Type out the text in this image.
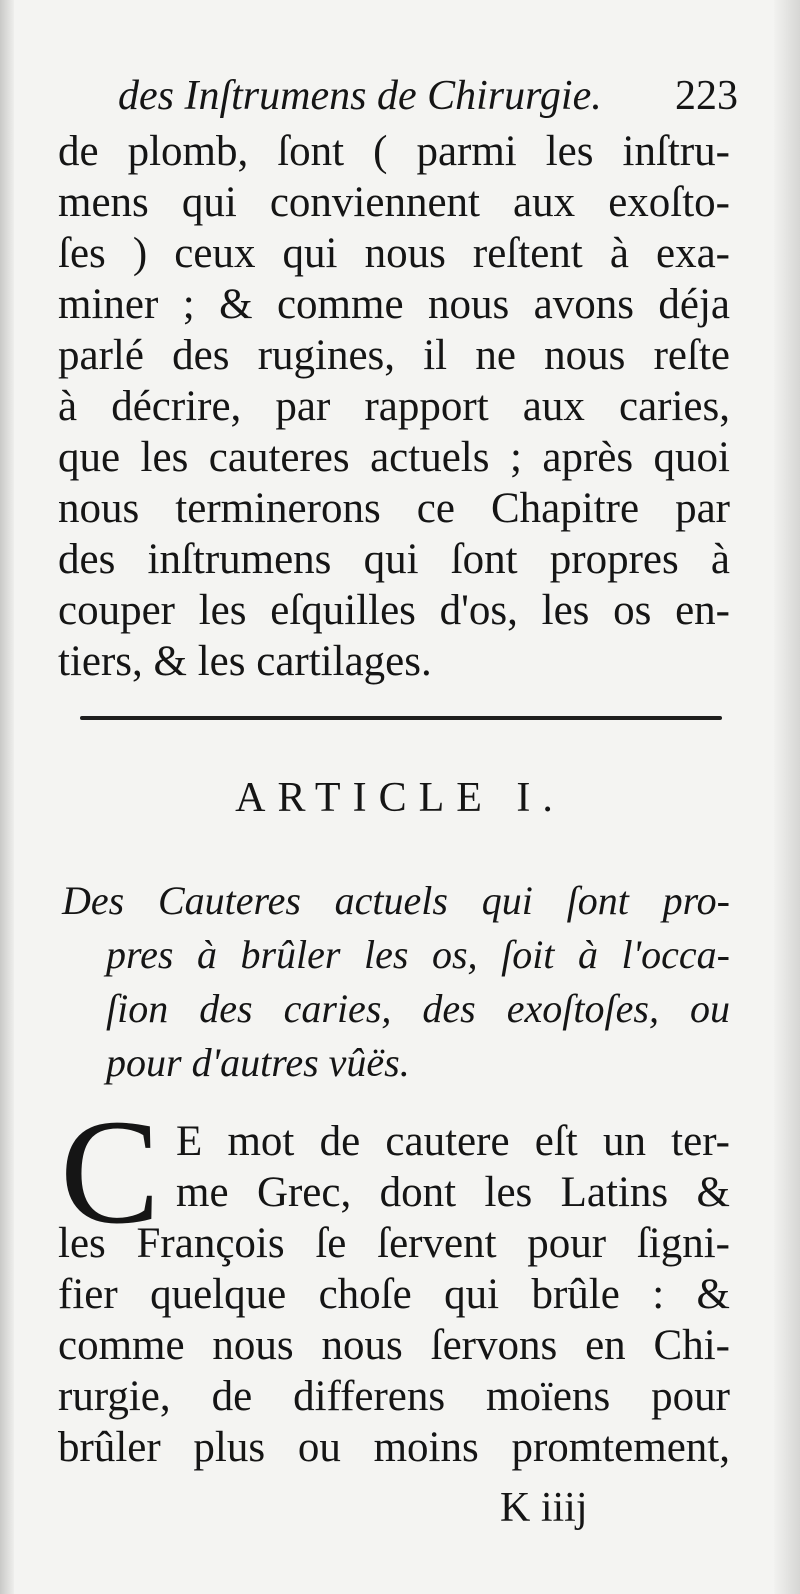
des Inſtrumens de Chirurgie. 223
de plomb, ſont ( parmi les inſtru-
mens qui conviennent aux exoſto-
ſes ) ceux qui nous reſtent à exa-
miner ; & comme nous avons déja
parlé des rugines, il ne nous reſte
à décrire, par rapport aux caries,
que les cauteres actuels ; après quoi
nous terminerons ce Chapitre par
des inſtrumens qui ſont propres à
couper les eſquilles d'os, les os en-
tiers, & les cartilages.
ARTICLE I.
Des Cauteres actuels qui ſont pro-
pres à brûler les os, ſoit à l'occa-
ſion des caries, des exoſtoſes, ou
pour d'autres vûës.
C E mot de cautere eſt un ter-
me Grec, dont les Latins &
les François ſe ſervent pour ſigni-
fier quelque choſe qui brûle : &
comme nous nous ſervons en Chi-
rurgie, de differens moïens pour
brûler plus ou moins promtement,
K iiij
